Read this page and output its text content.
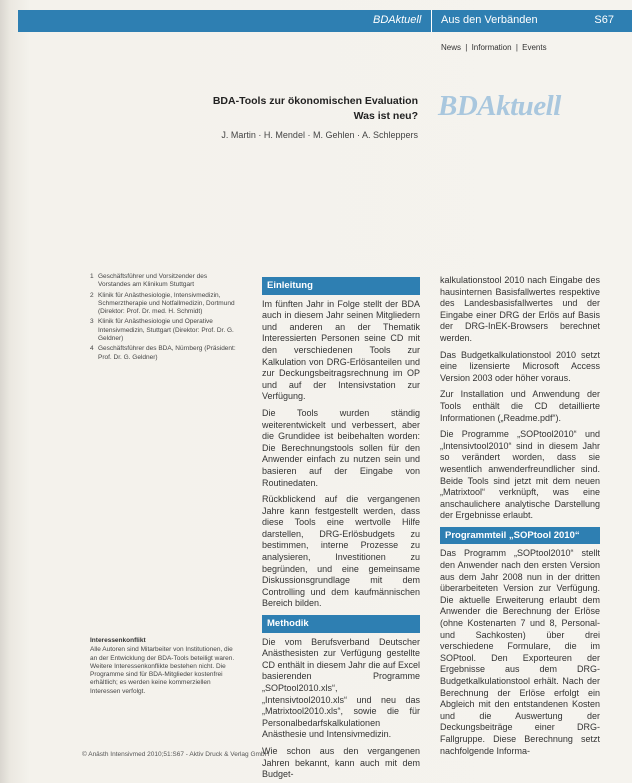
BDAktuell Aus den Verbänden	S67
News | Information | Events
BDAktuell
BDA-Tools zur ökonomischen Evaluation
Was ist neu?
J. Martin · H. Mendel · M. Gehlen · A. Schleppers
1 Geschäftsführer und Vorsitzender des Vorstandes am Klinikum Stuttgart
2 Klinik für Anästhesiologie, Intensivmedizin, Schmerztherapie und Notfallmedizin, Dortmund (Direktor: Prof. Dr. med. H. Schmidt)
3 Klinik für Anästhesiologie und Operative Intensivmedizin, Stuttgart (Direktor: Prof. Dr. G. Geldner)
4 Geschäftsführer des BDA, Nürnberg (Präsident: Prof. Dr. G. Geldner)
Interessenkonflikt
Alle Autoren sind Mitarbeiter von Institutionen, die an der Entwicklung der BDA-Tools beteiligt waren. Weitere Interessenkonflikte bestehen nicht. Die Programme sind für BDA-Mitglieder kostenfrei erhältlich; es werden keine kommerziellen Interessen verfolgt.
Einleitung

Im fünften Jahr in Folge stellt der BDA auch in diesem Jahr seinen Mitgliedern und anderen an der Thematik Interessierten Personen seine CD mit den verschiedenen Tools zur Kalkulation von DRG-Erlösanteilen und zur Deckungsbeitragsrechnung im OP und auf der Intensivstation zur Verfügung.

Die Tools wurden ständig weiterentwickelt und verbessert, aber die Grundidee ist beibehalten worden: Die Berechnungstools sollen für den Anwender einfach zu nutzen sein und basieren auf der Eingabe von Routinedaten.

Rückblickend auf die vergangenen Jahre kann festgestellt werden, dass diese Tools eine wertvolle Hilfe darstellen, DRG-Erlösbudgets zu bestimmen, interne Prozesse zu analysieren, Investitionen zu begründen, und eine gemeinsame Diskussionsgrundlage mit dem Controlling und dem kaufmännischen Bereich bilden.

Methodik

Die vom Berufsverband Deutscher Anästhesisten zur Verfügung gestellte CD enthält in diesem Jahr die auf Excel basierenden Programme „SOPtool2010.xls“, „Intensivtool2010.xls“ und neu das „Matrixtool2010.xls“, sowie die für Personalbedarfskalkulationen Anästhesie und Intensivmedizin.

Wie schon aus den vergangenen Jahren bekannt, kann auch mit dem Budget-

kalkulationstool 2010 nach Eingabe des hausinternen Basisfallwertes respektive des Landesbasisfallwertes und der Eingabe einer DRG der Erlös auf Basis der DRG-InEK-Browsers berechnet werden.

Das Budgetkalkulationstool 2010 setzt eine lizensierte Microsoft Access Version 2003 oder höher voraus.

Zur Installation und Anwendung der Tools enthält die CD detaillierte Informationen („Readme.pdf“).

Die Programme „SOPtool2010“ und „Intensivtool2010“ sind in diesem Jahr so verändert worden, dass sie wesentlich anwenderfreundlicher sind. Beide Tools sind jetzt mit dem neuen „Matrixtool“ verknüpft, was eine anschaulichere analytische Darstellung der Ergebnisse erlaubt.

Programmteil „SOPtool 2010“

Das Programm „SOPtool2010“ stellt den Anwender nach den ersten Version aus dem Jahr 2008 nun in der dritten überarbeiteten Version zur Verfügung. Die aktuelle Erweiterung erlaubt dem Anwender die Berechnung der Erlöse (ohne Kostenarten 7 und 8, Personal- und Sachkosten) über drei verschiedene Formulare, die im SOPtool. Den Exporteuren der Ergebnisse aus dem DRG-Budgetkalkulationstool erhält. Nach der Berechnung der Erlöse erfolgt ein Abgleich mit den entstandenen Kosten und die Auswertung der Deckungsbeiträge einer DRG-Fallgruppe. Diese Berechnung setzt nachfolgende Informa-

© Anästh Intensivmed 2010;51:S67 - Aktiv Druck & Verlag GmbH
